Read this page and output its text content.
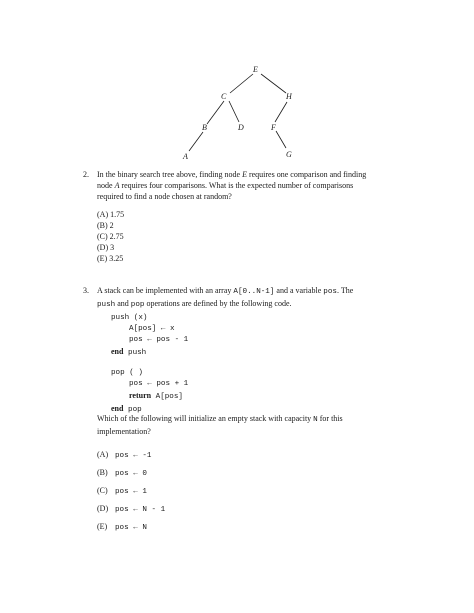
E
C	H
B	D	F
A	G
2. In the binary search tree above, finding node E requires one comparison and finding
node A requires four comparisons. What is the expected number of comparisons
required to find a node chosen at random?
(A) 1.75
(B) 2
(C) 2.75
(D) 3
(E) 3.25
3. A stack can be implemented with an array A[0..N-1] and a variable pos. The
push and pop operations are defined by the following code.
push (x)
A[pos] ← x
pos ← pos - 1
end push
pop ( )
pos ← pos + 1
return A[pos]
end pop
Which of the following will initialize an empty stack with capacity N for this
implementation?
(A) pos ← -1
(B) pos ← 0
(C) pos ← 1
(D) pos ← N - 1
(E) pos ← N
